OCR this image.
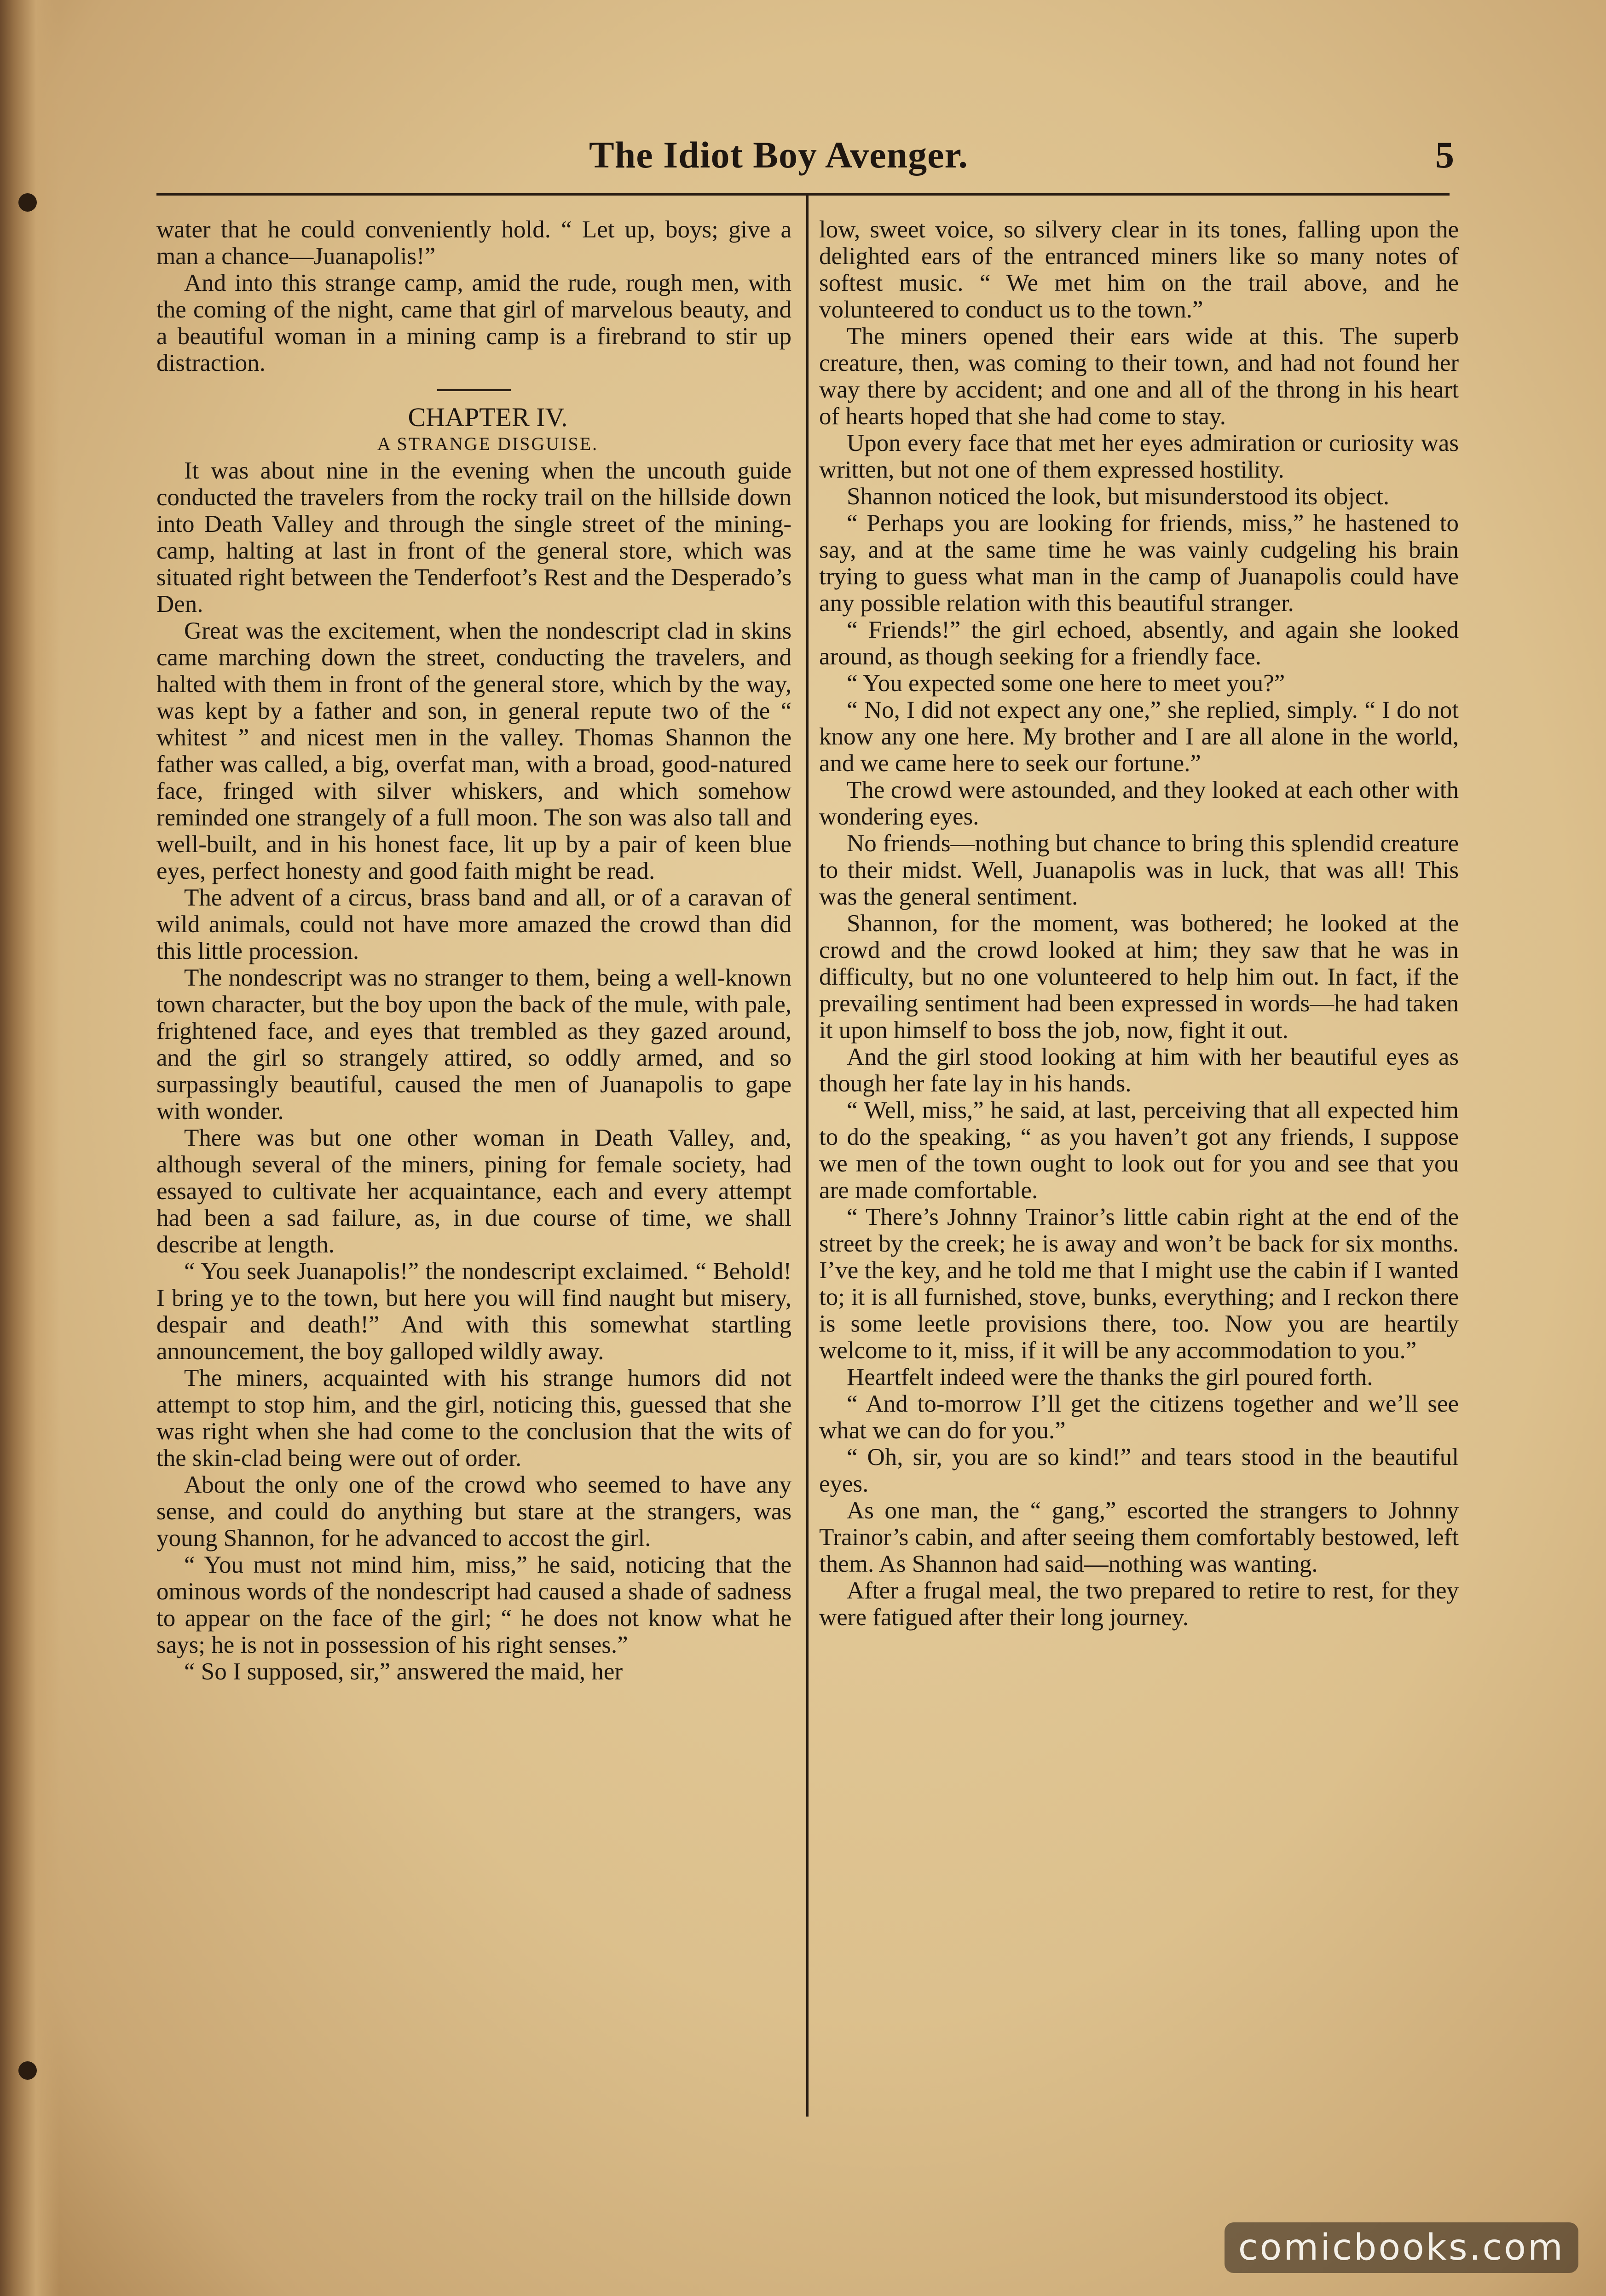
The Idiot Boy Avenger.	5

water that he could conveniently hold. “ Let up, boys; give a man a chance—Juanapolis!”

And into this strange camp, amid the rude, rough men, with the coming of the night, came that girl of marvelous beauty, and a beautiful woman in a mining camp is a firebrand to stir up distraction.

CHAPTER IV.

A STRANGE DISGUISE.

It was about nine in the evening when the uncouth guide conducted the travelers from the rocky trail on the hillside down into Death Valley and through the single street of the mining-camp, halting at last in front of the general store, which was situated right between the Tenderfoot’s Rest and the Desperado’s Den.

Great was the excitement, when the nondescript clad in skins came marching down the street, conducting the travelers, and halted with them in front of the general store, which by the way, was kept by a father and son, in general repute two of the “ whitest ” and nicest men in the valley. Thomas Shannon the father was called, a big, overfat man, with a broad, good-natured face, fringed with silver whiskers, and which somehow reminded one strangely of a full moon. The son was also tall and well-built, and in his honest face, lit up by a pair of keen blue eyes, perfect honesty and good faith might be read.

The advent of a circus, brass band and all, or of a caravan of wild animals, could not have more amazed the crowd than did this little procession.

The nondescript was no stranger to them, being a well-known town character, but the boy upon the back of the mule, with pale, frightened face, and eyes that trembled as they gazed around, and the girl so strangely attired, so oddly armed, and so surpassingly beautiful, caused the men of Juanapolis to gape with wonder.

There was but one other woman in Death Valley, and, although several of the miners, pining for female society, had essayed to cultivate her acquaintance, each and every attempt had been a sad failure, as, in due course of time, we shall describe at length.

“ You seek Juanapolis!” the nondescript exclaimed. “ Behold! I bring ye to the town, but here you will find naught but misery, despair and death!” And with this somewhat startling announcement, the boy galloped wildly away.

The miners, acquainted with his strange humors did not attempt to stop him, and the girl, noticing this, guessed that she was right when she had come to the conclusion that the wits of the skin-clad being were out of order.

About the only one of the crowd who seemed to have any sense, and could do anything but stare at the strangers, was young Shannon, for he advanced to accost the girl.

“ You must not mind him, miss,” he said, noticing that the ominous words of the nondescript had caused a shade of sadness to appear on the face of the girl; “ he does not know what he says; he is not in possession of his right senses.”

“ So I supposed, sir,” answered the maid, her

low, sweet voice, so silvery clear in its tones, falling upon the delighted ears of the entranced miners like so many notes of softest music. “ We met him on the trail above, and he volunteered to conduct us to the town.”

The miners opened their ears wide at this. The superb creature, then, was coming to their town, and had not found her way there by accident; and one and all of the throng in his heart of hearts hoped that she had come to stay.

Upon every face that met her eyes admiration or curiosity was written, but not one of them expressed hostility.

Shannon noticed the look, but misunderstood its object.

“ Perhaps you are looking for friends, miss,” he hastened to say, and at the same time he was vainly cudgeling his brain trying to guess what man in the camp of Juanapolis could have any possible relation with this beautiful stranger.

“ Friends!” the girl echoed, absently, and again she looked around, as though seeking for a friendly face.

“ You expected some one here to meet you?”

“ No, I did not expect any one,” she replied, simply. “ I do not know any one here. My brother and I are all alone in the world, and we came here to seek our fortune.”

The crowd were astounded, and they looked at each other with wondering eyes.

No friends—nothing but chance to bring this splendid creature to their midst. Well, Juanapolis was in luck, that was all! This was the general sentiment.

Shannon, for the moment, was bothered; he looked at the crowd and the crowd looked at him; they saw that he was in difficulty, but no one volunteered to help him out. In fact, if the prevailing sentiment had been expressed in words—he had taken it upon himself to boss the job, now, fight it out.

And the girl stood looking at him with her beautiful eyes as though her fate lay in his hands.

“ Well, miss,” he said, at last, perceiving that all expected him to do the speaking, “ as you haven’t got any friends, I suppose we men of the town ought to look out for you and see that you are made comfortable.

“ There’s Johnny Trainor’s little cabin right at the end of the street by the creek; he is away and won’t be back for six months. I’ve the key, and he told me that I might use the cabin if I wanted to; it is all furnished, stove, bunks, everything; and I reckon there is some leetle provisions there, too. Now you are heartily welcome to it, miss, if it will be any accommodation to you.”

Heartfelt indeed were the thanks the girl poured forth.

“ And to-morrow I’ll get the citizens together and we’ll see what we can do for you.”

“ Oh, sir, you are so kind!” and tears stood in the beautiful eyes.

As one man, the “ gang,” escorted the strangers to Johnny Trainor’s cabin, and after seeing them comfortably bestowed, left them. As Shannon had said—nothing was wanting.

After a frugal meal, the two prepared to retire to rest, for they were fatigued after their long journey.

comicbooks.com
